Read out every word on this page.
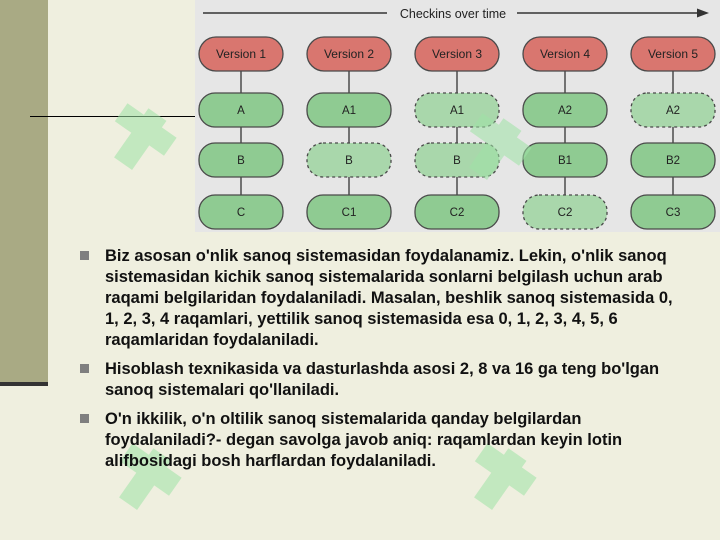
Checkins over time
Version 1
A
B
C
Version 2
A1
B
C1
Version 3
A1
B
C2
Version 4
A2
B1
C2
Version 5
A2
B2
C3
Biz asosan o'nlik sanoq sistemasidan foydalanamiz. Lekin, o'nlik sanoq sistemasidan kichik sanoq sistemalarida sonlarni belgilash uchun arab raqami belgilaridan foydalaniladi. Masalan, beshlik sanoq sistemasida 0, 1, 2, 3, 4 raqamlari, yettilik sanoq sistemasida esa 0, 1, 2, 3, 4, 5, 6 raqamlaridan foydalaniladi.
Hisoblash texnikasida va dasturlashda asosi 2, 8 va 16 ga teng bo'lgan sanoq sistemalari qo'llaniladi.
O'n ikkilik, o'n oltilik sanoq sistemalarida qanday belgilardan foydalaniladi?- degan savolga javob aniq: raqamlardan keyin lotin alifbosidagi bosh harflardan foydalaniladi.
